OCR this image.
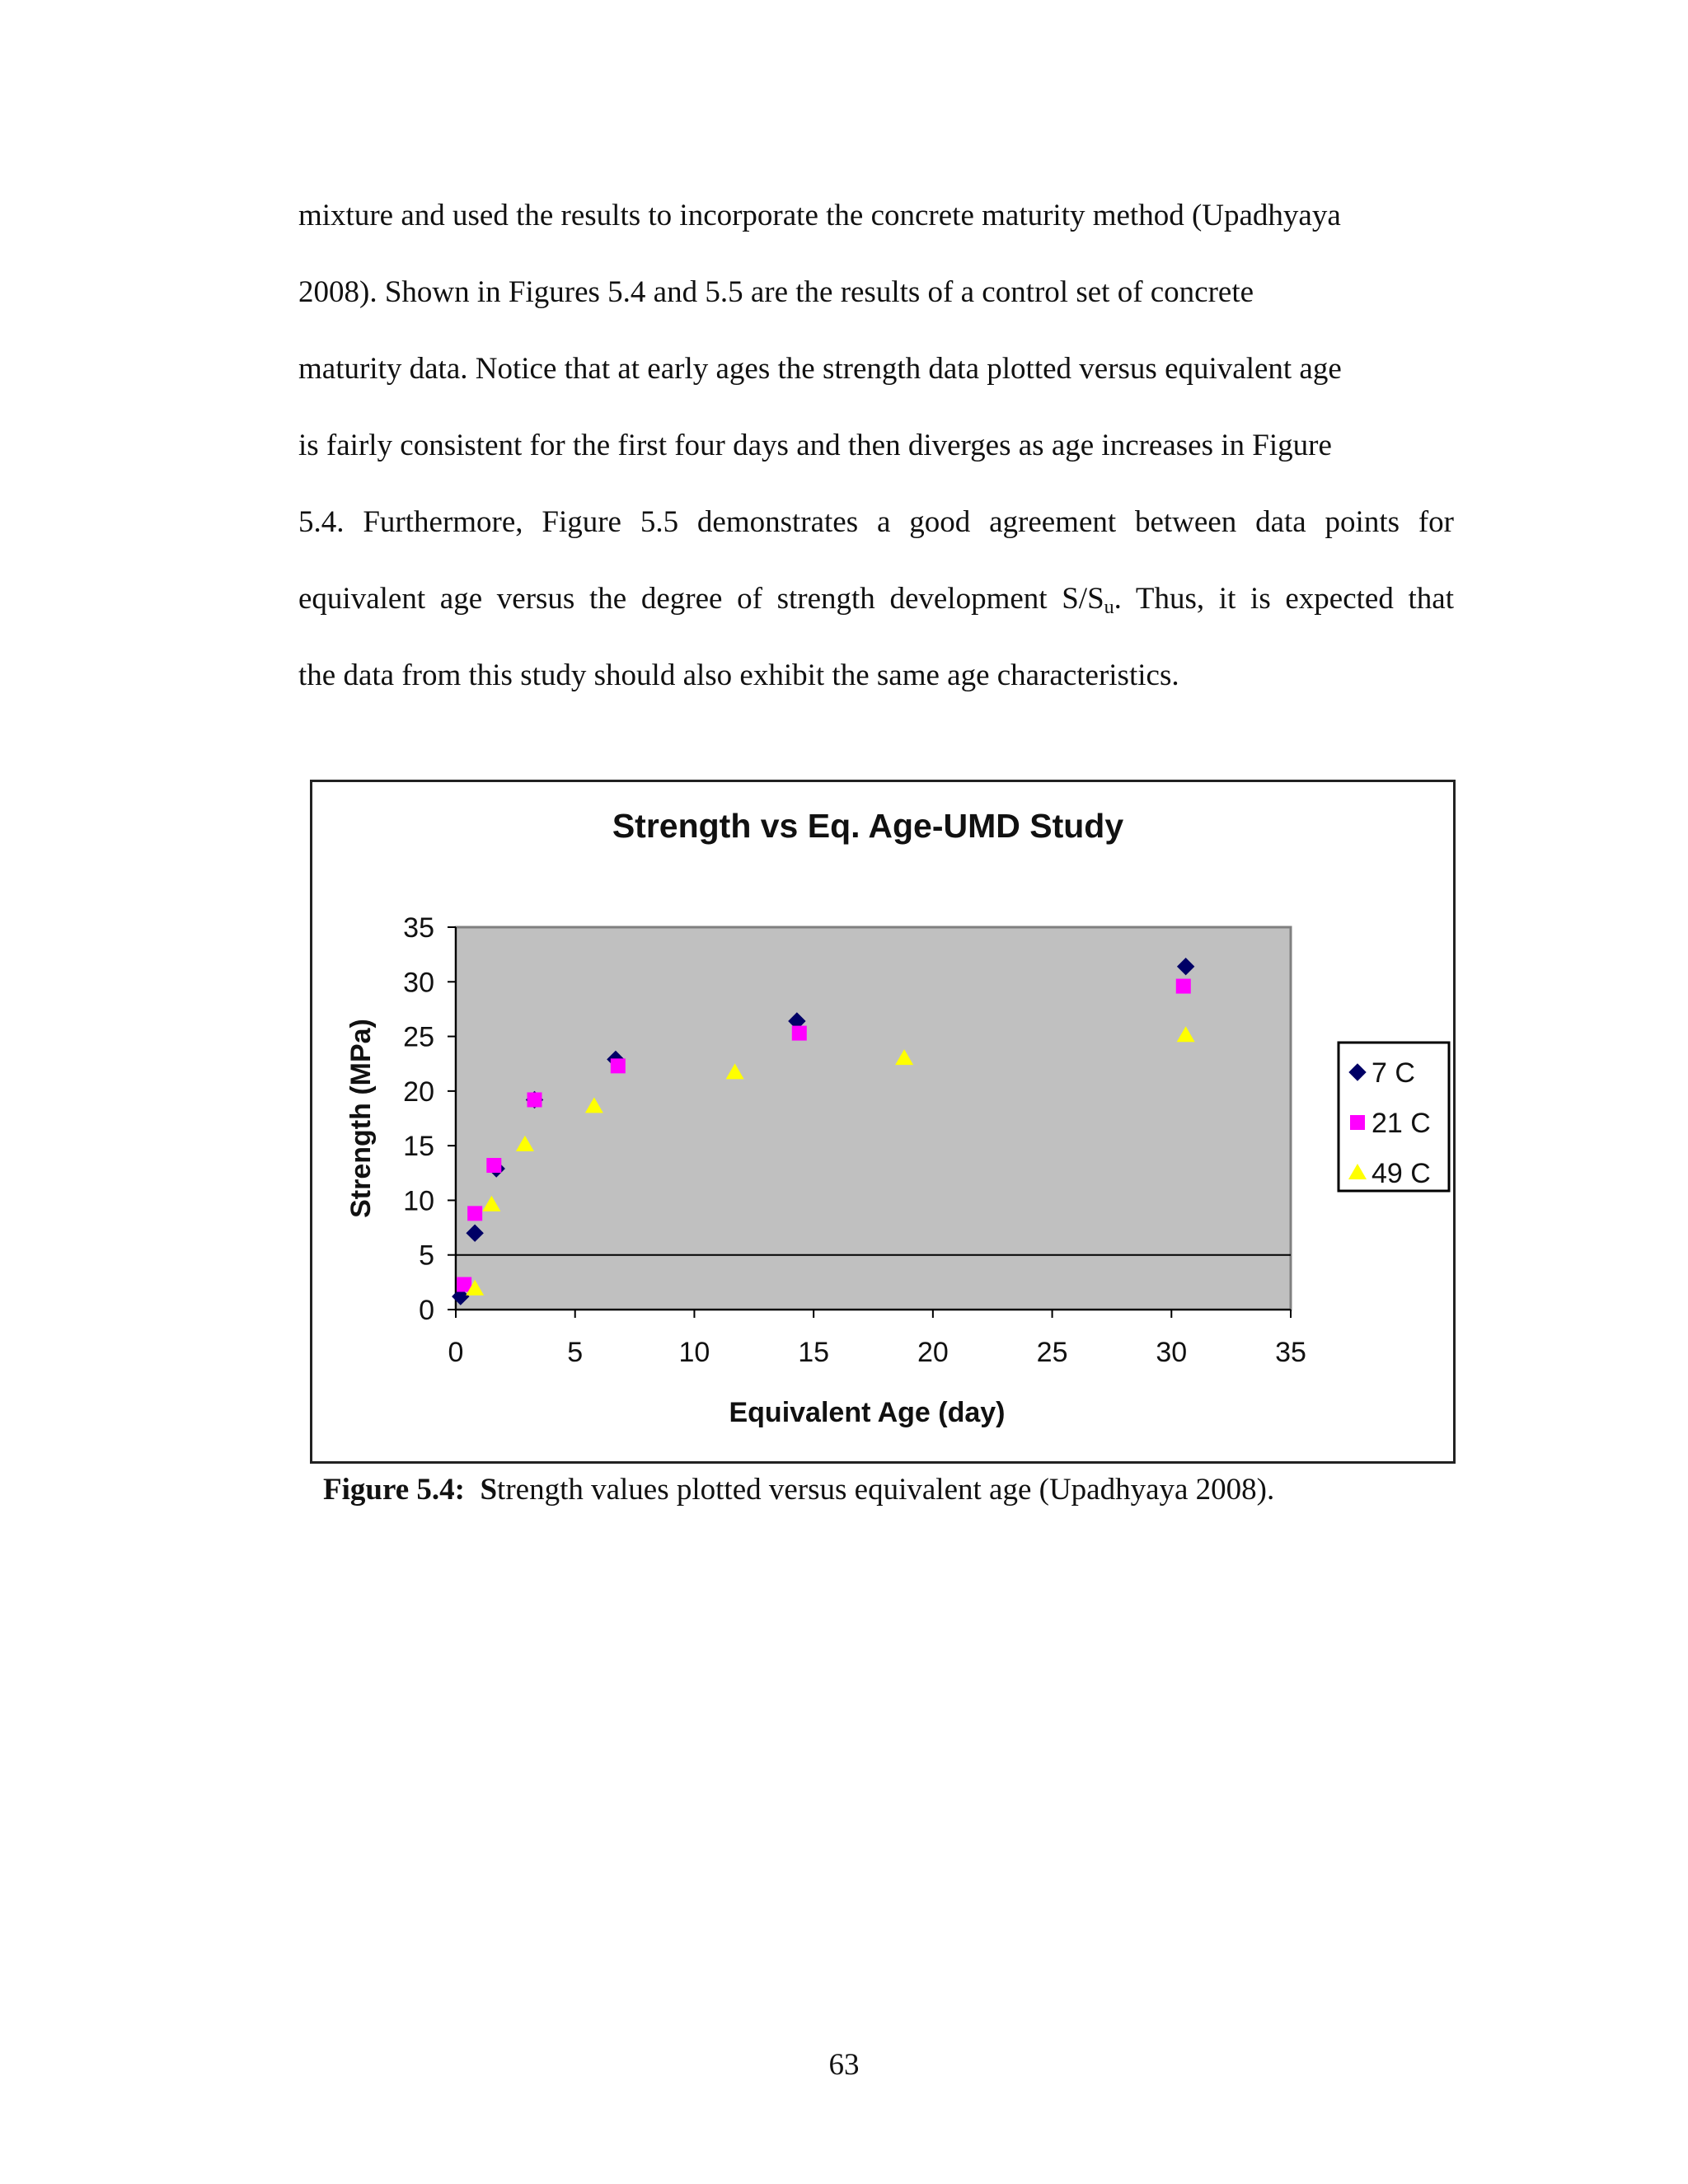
mixture and used the results to incorporate the concrete maturity method (Upadhyaya
2008). Shown in Figures 5.4 and 5.5 are the results of a control set of concrete
maturity data. Notice that at early ages the strength data plotted versus equivalent age
is fairly consistent for the first four days and then diverges as age increases in Figure
5.4. Furthermore, Figure 5.5 demonstrates a good agreement between data points for
equivalent age versus the degree of strength development $S/S_u$. Thus, it is expected that
the data from this study should also exhibit the same age characteristics.
Strength vs Eq. Age-UMD Study
0
5
10
15
20
25
30
35
0	5	10	15	20	25	30	35
Equivalent Age (day)
Strength (MPa)	7 C
21 C
49 C
Figure 5.4: Strength values plotted versus equivalent age (Upadhyaya 2008).
63
